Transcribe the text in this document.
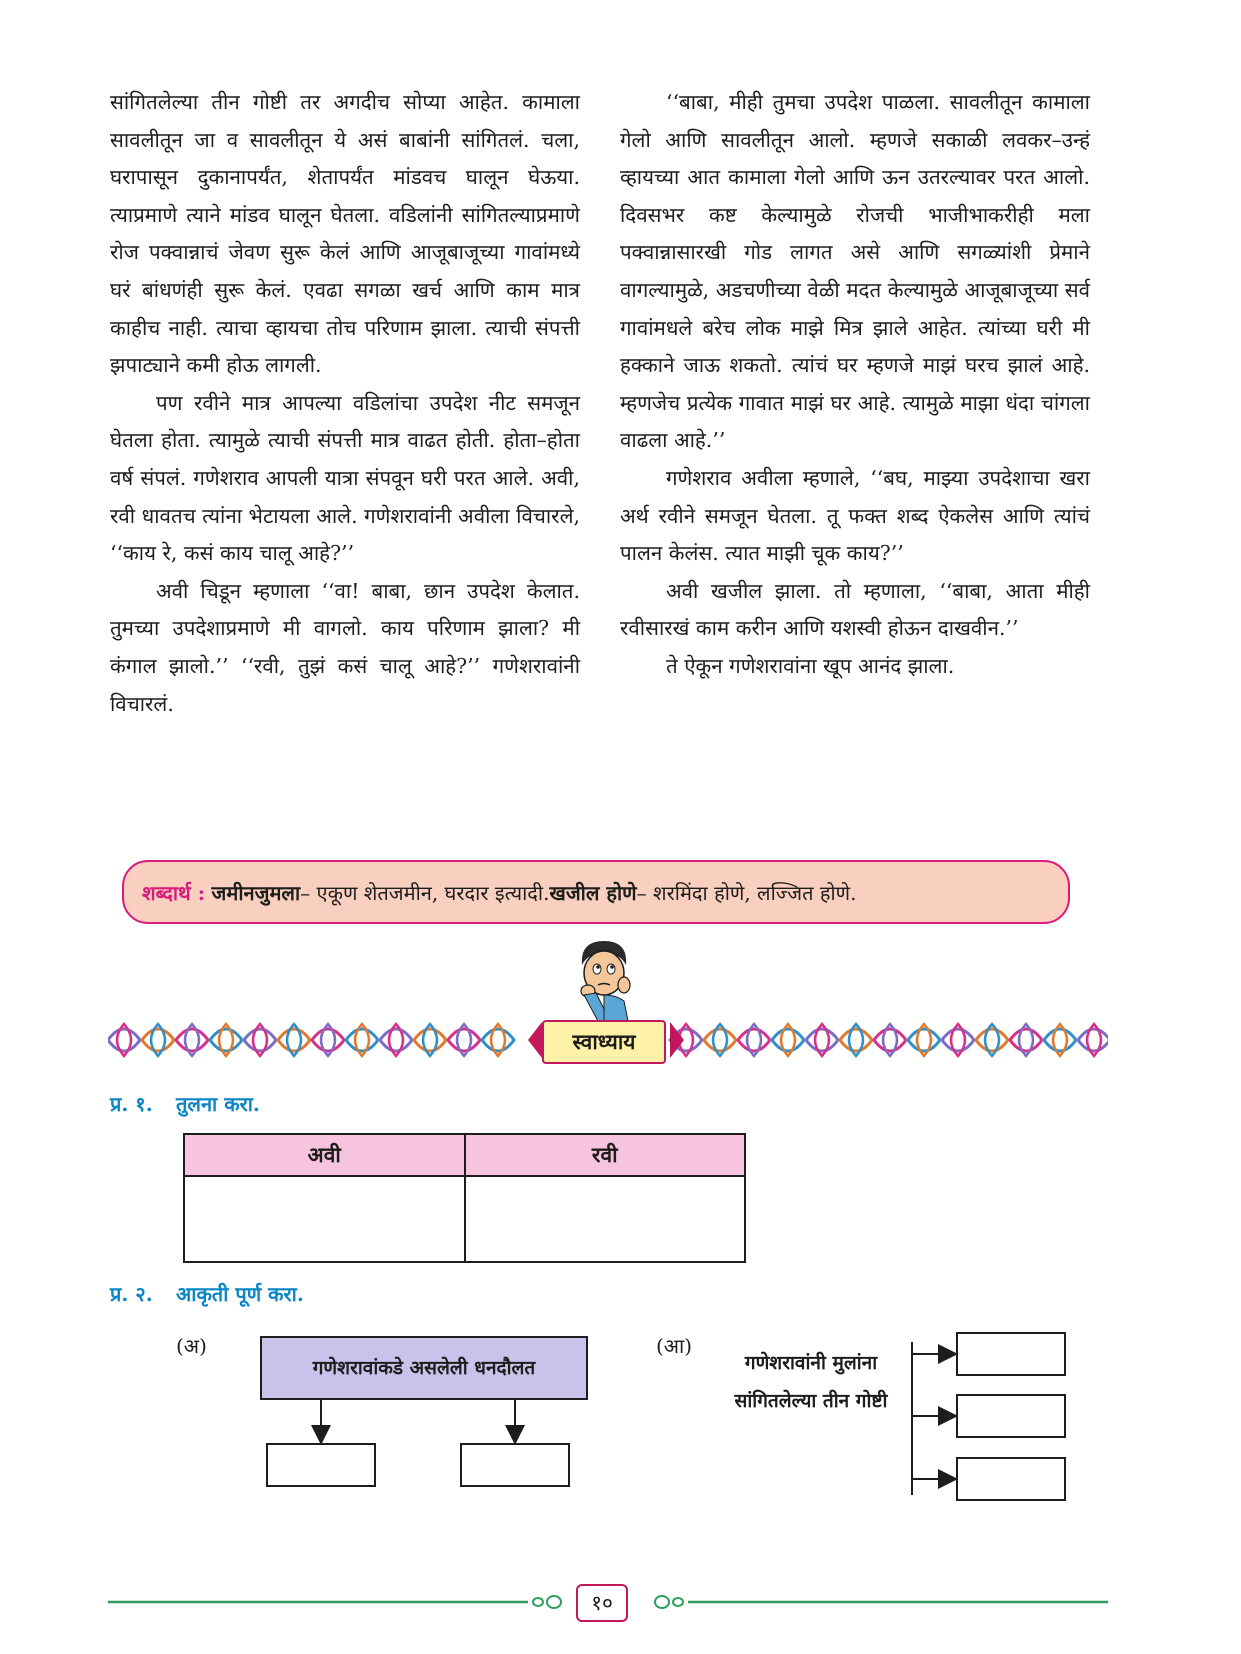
सांगितलेल्या तीन गोष्टी तर अगदीच सोप्या आहेत. कामाला सावलीतून जा व सावलीतून ये असं बाबांनी सांगितलं. चला, घरापासून दुकानापर्यंत, शेतापर्यंत मांडवच घालून घेऊया. त्याप्रमाणे त्याने मांडव घालून घेतला. वडिलांनी सांगितल्याप्रमाणे रोज पक्वान्नाचं जेवण सुरू केलं आणि आजूबाजूच्या गावांमध्ये घरं बांधणंही सुरू केलं. एवढा सगळा खर्च आणि काम मात्र काहीच नाही. त्याचा व्हायचा तोच परिणाम झाला. त्याची संपत्ती झपाट्याने कमी होऊ लागली.

पण रवीने मात्र आपल्या वडिलांचा उपदेश नीट समजून घेतला होता. त्यामुळे त्याची संपत्ती मात्र वाढत होती. होता–होता वर्ष संपलं. गणेशराव आपली यात्रा संपवून घरी परत आले. अवी, रवी धावतच त्यांना भेटायला आले. गणेशरावांनी अवीला विचारले, ‘‘काय रे, कसं काय चालू आहे?’’

अवी चिडून म्हणाला ‘‘वा! बाबा, छान उपदेश केलात. तुमच्या उपदेशाप्रमाणे मी वागलो. काय परिणाम झाला? मी कंगाल झालो.’’ ‘‘रवी, तुझं कसं चालू आहे?’’ गणेशरावांनी विचारलं.

‘‘बाबा, मीही तुमचा उपदेश पाळला. सावलीतून कामाला गेलो आणि सावलीतून आलो. म्हणजे सकाळी लवकर–उन्हं व्हायच्या आत कामाला गेलो आणि ऊन उतरल्यावर परत आलो. दिवसभर कष्ट केल्यामुळे रोजची भाजीभाकरीही मला पक्वान्नासारखी गोड लागत असे आणि सगळ्यांशी प्रेमाने वागल्यामुळे, अडचणीच्या वेळी मदत केल्यामुळे आजूबाजूच्या सर्व गावांमधले बरेच लोक माझे मित्र झाले आहेत. त्यांच्या घरी मी हक्काने जाऊ शकतो. त्यांचं घर म्हणजे माझं घरच झालं आहे. म्हणजेच प्रत्येक गावात माझं घर आहे. त्यामुळे माझा धंदा चांगला वाढला आहे.’’

गणेशराव अवीला म्हणाले, ‘‘बघ, माझ्या उपदेशाचा खरा अर्थ रवीने समजून घेतला. तू फक्त शब्द ऐकलेस आणि त्यांचं पालन केलंस. त्यात माझी चूक काय?’’

अवी खजील झाला. तो म्हणाला, ‘‘बाबा, आता मीही रवीसारखं काम करीन आणि यशस्वी होऊन दाखवीन.’’

ते ऐकून गणेशरावांना खूप आनंद झाला.

शब्दार्थ :
जमीनजुमला – एकूण शेतजमीन, घरदार इत्यादी. खजील होणे – शरमिंदा होणे, लज्जित होणे.
स्वाध्याय
प्र. १. तुलना करा.
अवी	रवी

प्र. २. आकृती पूर्ण करा.
(अ)
गणेशरावांकडे असलेली धनदौलत
(आ)
गणेशरावांनी मुलांना सांगितलेल्या तीन गोष्टी
१०
